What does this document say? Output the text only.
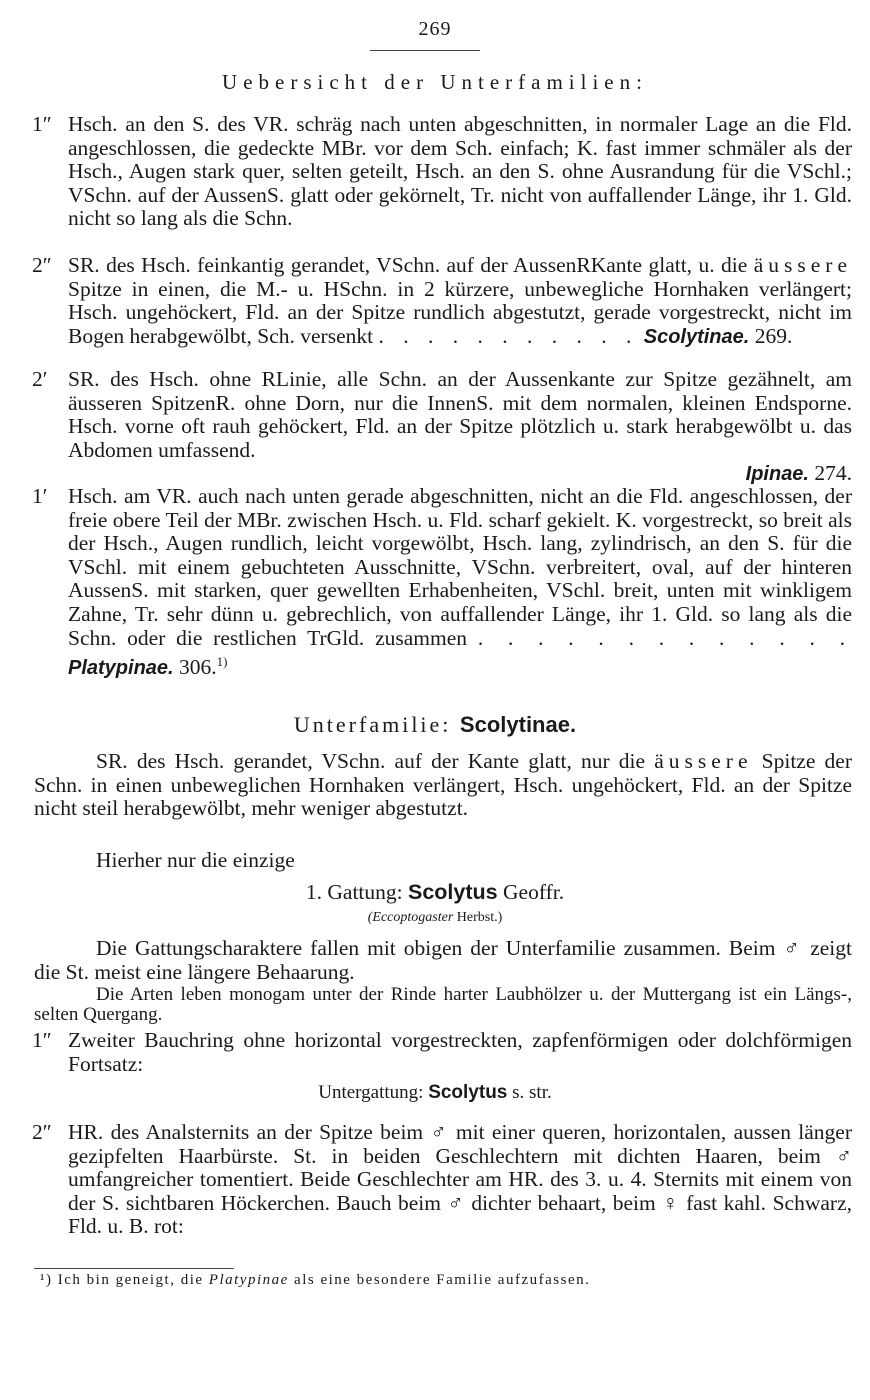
269
Uebersicht der Unterfamilien:
1″ Hsch. an den S. des VR. schräg nach unten abgeschnitten, in normaler Lage an die Fld. angeschlossen, die gedeckte MBr. vor dem Sch. einfach; K. fast immer schmäler als der Hsch., Augen stark quer, selten geteilt, Hsch. an den S. ohne Ausrandung für die VSchl.; VSchn. auf der AussenS. glatt oder gekörnelt, Tr. nicht von auffallender Länge, ihr 1. Gld. nicht so lang als die Schn.
2″ SR. des Hsch. feinkantig gerandet, VSchn. auf der AussenRKante glatt, u. die äussere Spitze in einen, die M.- u. HSchn. in 2 kürzere, unbewegliche Hornhaken verlängert; Hsch. ungehöckert, Fld. an der Spitze rundlich abgestutzt, gerade vorgestreckt, nicht im Bogen herabgewölbt, Sch. versenkt . . . . . . . . . . . Scolytinae. 269.
2′ SR. des Hsch. ohne RLinie, alle Schn. an der Aussenkante zur Spitze gezähnelt, am äusseren SpitzenR. ohne Dorn, nur die InnenS. mit dem normalen, kleinen Endsporne. Hsch. vorne oft rauh gehöckert, Fld. an der Spitze plötzlich u. stark herabgewölbt u. das Abdomen umfassend.
Ipinae. 274.
1′ Hsch. am VR. auch nach unten gerade abgeschnitten, nicht an die Fld. angeschlossen, der freie obere Teil der MBr. zwischen Hsch. u. Fld. scharf gekielt. K. vorgestreckt, so breit als der Hsch., Augen rundlich, leicht vorgewölbt, Hsch. lang, zylindrisch, an den S. für die VSchl. mit einem gebuchteten Ausschnitte, VSchn. verbreitert, oval, auf der hinteren AussenS. mit starken, quer gewellten Erhabenheiten, VSchl. breit, unten mit winkligem Zahne, Tr. sehr dünn u. gebrechlich, von auffallender Länge, ihr 1. Gld. so lang als die Schn. oder die restlichen TrGld. zusammen . . . . . . . . . . . . . Platypinae. 306.$^{1)}$
Unterfamilie: Scolytinae.
SR. des Hsch. gerandet, VSchn. auf der Kante glatt, nur die äussere Spitze der Schn. in einen unbeweglichen Hornhaken verlängert, Hsch. ungehöckert, Fld. an der Spitze nicht steil herabgewölbt, mehr weniger abgestutzt.
Hierher nur die einzige
1. Gattung: Scolytus Geoffr.
(Eccoptogaster Herbst.)
Die Gattungscharaktere fallen mit obigen der Unterfamilie zusammen. Beim ♂ zeigt die St. meist eine längere Behaarung.
Die Arten leben monogam unter der Rinde harter Laubhölzer u. der Muttergang ist ein Längs-, selten Quergang.
1″ Zweiter Bauchring ohne horizontal vorgestreckten, zapfenförmigen oder dolchförmigen Fortsatz:
Untergattung: Scolytus s. str.
2″ HR. des Analsternits an der Spitze beim ♂ mit einer queren, horizontalen, aussen länger gezipfelten Haarbürste. St. in beiden Geschlechtern mit dichten Haaren, beim ♂ umfangreicher tomentiert. Beide Geschlechter am HR. des 3. u. 4. Sternits mit einem von der S. sichtbaren Höckerchen. Bauch beim ♂ dichter behaart, beim ♀ fast kahl. Schwarz, Fld. u. B. rot:
¹) Ich bin geneigt, die Platypinae als eine besondere Familie aufzufassen.
